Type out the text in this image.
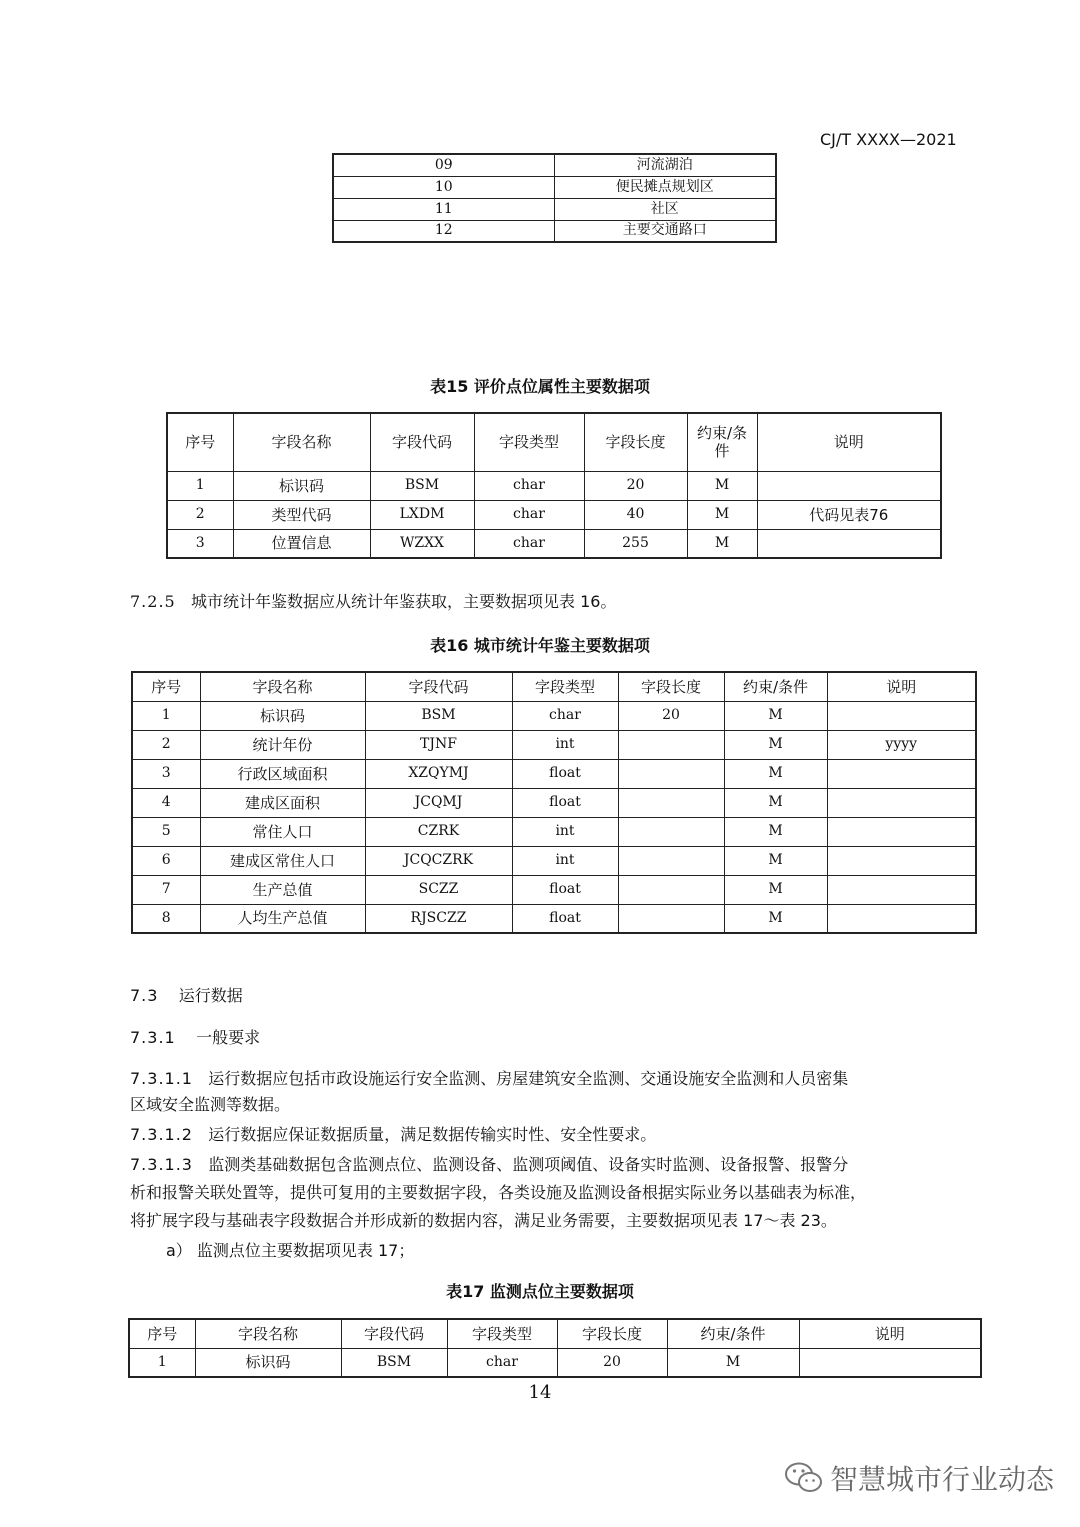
CJ/T XXXX—2021
09	河流湖泊
10	便民摊点规划区
11	社区
12	主要交通路口
表15 评价点位属性主要数据项
序号	字段名称	字段代码	字段类型	字段长度	约束/条件	说明
1	标识码	BSM	char	20	M	
2	类型代码	LXDM	char	40	M	代码见表76
3	位置信息	WZXX	char	255	M	
7.2.5 城市统计年鉴数据应从统计年鉴获取，主要数据项见表 16。
表16 城市统计年鉴主要数据项
序号	字段名称	字段代码	字段类型	字段长度	约束/条件	说明
1	标识码	BSM	char	20	M	
2	统计年份	TJNF	int		M	yyyy
3	行政区域面积	XZQYMJ	float		M	
4	建成区面积	JCQMJ	float		M	
5	常住人口	CZRK	int		M	
6	建成区常住人口	JCQCZRK	int		M	
7	生产总值	SCZZ	float		M	
8	人均生产总值	RJSCZZ	float		M	
7.3 运行数据
7.3.1 一般要求
7.3.1.1 运行数据应包括市政设施运行安全监测、房屋建筑安全监测、交通设施安全监测和人员密集
区域安全监测等数据。
7.3.1.2 运行数据应保证数据质量，满足数据传输实时性、安全性要求。
7.3.1.3 监测类基础数据包含监测点位、监测设备、监测项阈值、设备实时监测、设备报警、报警分
析和报警关联处置等，提供可复用的主要数据字段，各类设施及监测设备根据实际业务以基础表为标准，
将扩展字段与基础表字段数据合并形成新的数据内容，满足业务需要，主要数据项见表 17～表 23。
a） 监测点位主要数据项见表 17；
表17 监测点位主要数据项
序号	字段名称	字段代码	字段类型	字段长度	约束/条件	说明
1	标识码	BSM	char	20	M	
14
智慧城市行业动态
